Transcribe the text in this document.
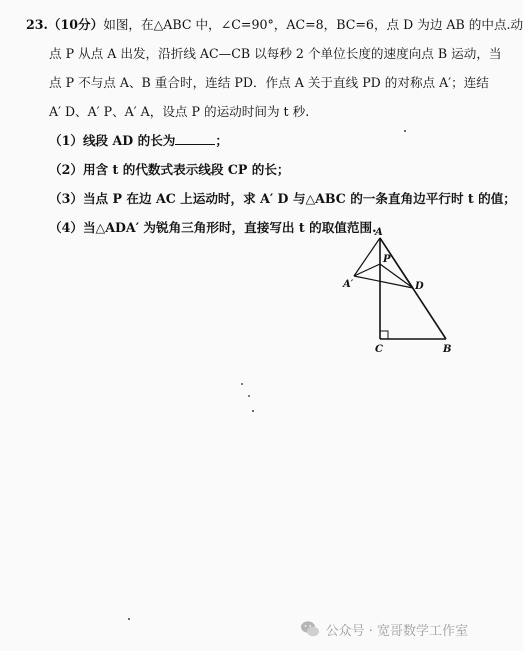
23.（10分）如图，在△ABC 中，∠C=90°，AC=8，BC=6，点 D 为边 AB 的中点.动
点 P 从点 A 出发，沿折线 AC—CB 以每秒 2 个单位长度的速度向点 B 运动，当
点 P 不与点 A、B 重合时，连结 PD．作点 A 关于直线 PD 的对称点 A′；连结
A′ D、A′ P、A′ A，设点 P 的运动时间为 t 秒.
（1）线段 AD 的长为	；
（2）用含 t 的代数式表示线段 CP 的长；
（3）当点 P 在边 AC 上运动时，求 A′ D 与△ABC 的一条直角边平行时 t 的值；
（4）当△ADA′ 为锐角三角形时，直接写出 t 的取值范围.
A
P
A′	D
C	B
公众号 · 宽哥数学工作室
